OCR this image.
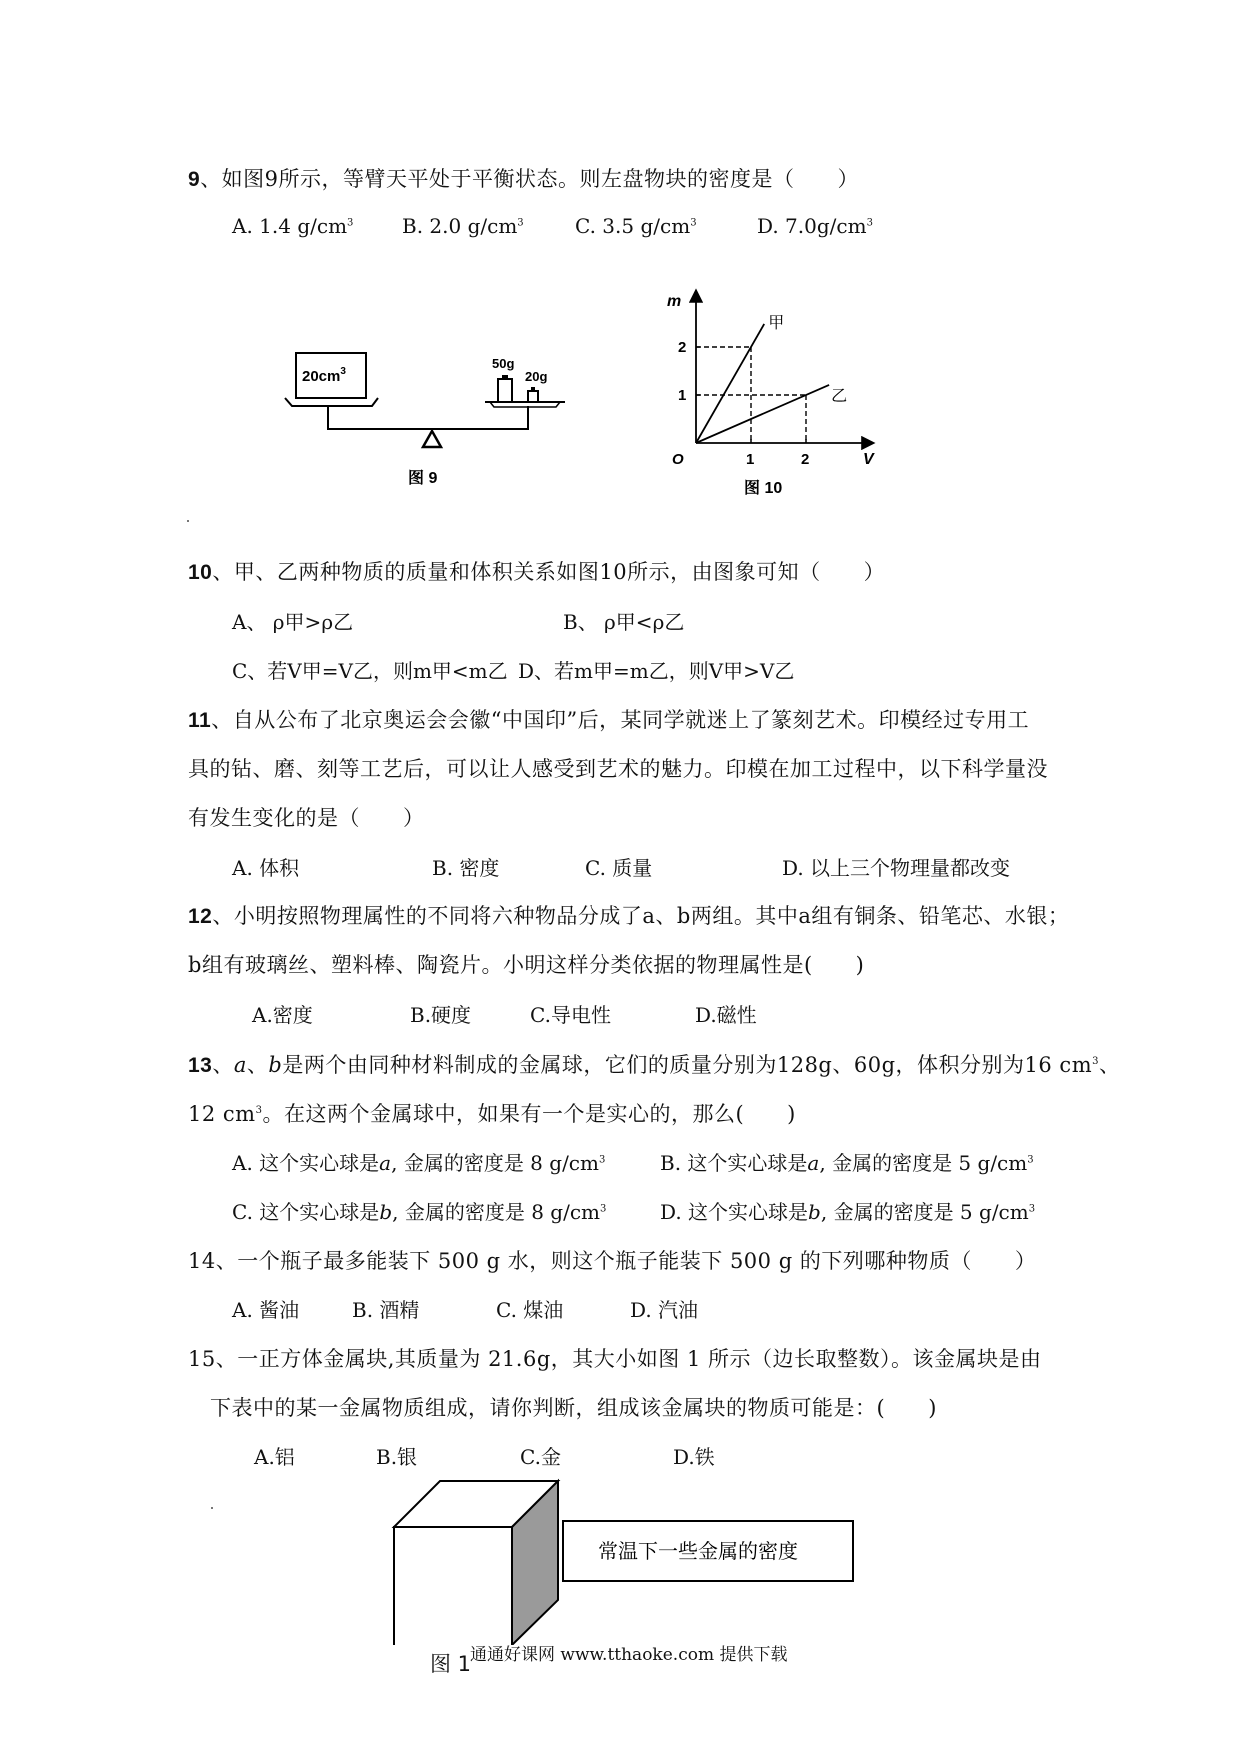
9、如图9所示，等臂天平处于平衡状态。则左盘物块的密度是（　　）
A. 1.4 $g/cm^3$ B. 2.0 $g/cm^3$	C. 3.5 $g/cm^3$	D. $7.0g/cm^3$
$20cm^3$
50g
20g
图 9
m
V
O	1	2
1
2
甲
乙
图 10
10、甲、乙两种物质的质量和体积关系如图10所示，由图象可知（　　）
A、 ρ甲>ρ乙	B、 ρ甲<ρ乙
C、若V甲=V乙，则m甲<m乙 D、若m甲=m乙，则V甲>V乙
11、自从公布了北京奥运会会徽“中国印”后，某同学就迷上了篆刻艺术。印模经过专用工
具的钻、磨、刻等工艺后，可以让人感受到艺术的魅力。印模在加工过程中，以下科学量没
有发生变化的是（　　）
A. 体积	B. 密度	C. 质量	D. 以上三个物理量都改变
12、小明按照物理属性的不同将六种物品分成了a、b两组。其中a组有铜条、铅笔芯、水银；
b组有玻璃丝、塑料棒、陶瓷片。小明这样分类依据的物理属性是(　　)
A.密度	B.硬度	C.导电性	D.磁性
13、a、b是两个由同种材料制成的金属球，它们的质量分别为128g、60g，体积分别为16 $cm^3$、
12 $cm^3$。在这两个金属球中，如果有一个是实心的，那么(　　)
A. 这个实心球是a, 金属的密度是 8 $g/cm^3$	B. 这个实心球是a, 金属的密度是 5 $g/cm^3$
C. 这个实心球是b, 金属的密度是 8 $g/cm^3$	D. 这个实心球是b, 金属的密度是 5 $g/cm^3$
14、一个瓶子最多能装下 500 g 水，则这个瓶子能装下 500 g 的下列哪种物质（　　）
A. 酱油	B. 酒精	C. 煤油	D. 汽油
15、一正方体金属块,其质量为 21.6g，其大小如图 1 所示（边长取整数）。该金属块是由
下表中的某一金属物质组成，请你判断，组成该金属块的物质可能是：(　　)
A.铝	B.银	C.金	D.铁
常温下一些金属的密度
图 1
通通好课网 www.tthaoke.com 提供下载
